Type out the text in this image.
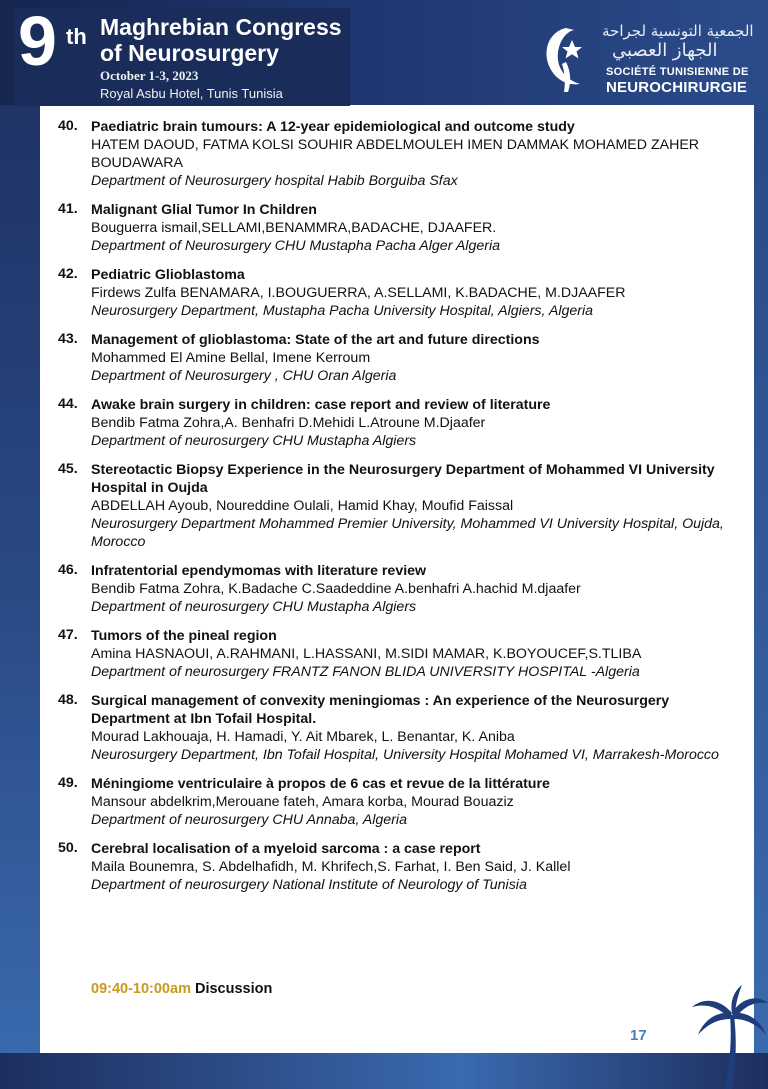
9 th Maghrebian Congress
of Neurosurgery
October 1-3, 2023
Royal Asbu Hotel, Tunis Tunisia
الجمعية التونسية لجراحة
الجهاز العصبي
SOCIÉTÉ TUNISIENNE DE
NEUROCHIRURGIE
40. Paediatric brain tumours: A 12-year epidemiological and outcome study
HATEM DAOUD, FATMA KOLSI SOUHIR ABDELMOULEH IMEN DAMMAK MOHAMED ZAHER BOUDAWARA
Department of Neurosurgery hospital Habib Borguiba Sfax
41. Malignant Glial Tumor In Children
Bouguerra ismail,SELLAMI,BENAMMRA,BADACHE, DJAAFER.
Department of Neurosurgery CHU Mustapha Pacha Alger Algeria
42. Pediatric Glioblastoma
Firdews Zulfa BENAMARA, I.BOUGUERRA, A.SELLAMI, K.BADACHE, M.DJAAFER
Neurosurgery Department, Mustapha Pacha University Hospital, Algiers, Algeria
43. Management of glioblastoma: State of the art and future directions
Mohammed El Amine Bellal, Imene Kerroum
Department of Neurosurgery , CHU Oran Algeria
44. Awake brain surgery in children: case report and review of literature
Bendib Fatma Zohra,A. Benhafri D.Mehidi L.Atroune M.Djaafer
Department of neurosurgery CHU Mustapha Algiers
45. Stereotactic Biopsy Experience in the Neurosurgery Department of Mohammed VI University Hospital in Oujda
ABDELLAH Ayoub, Noureddine Oulali, Hamid Khay, Moufid Faissal
Neurosurgery Department Mohammed Premier University, Mohammed VI University Hospital, Oujda, Morocco
46. Infratentorial ependymomas with literature review
Bendib Fatma Zohra, K.Badache C.Saadeddine A.benhafri A.hachid M.djaafer
Department of neurosurgery CHU Mustapha Algiers
47. Tumors of the pineal region
Amina HASNAOUI, A.RAHMANI, L.HASSANI, M.SIDI MAMAR, K.BOYOUCEF,S.TLIBA
Department of neurosurgery FRANTZ FANON BLIDA UNIVERSITY HOSPITAL -Algeria
48. Surgical management of convexity meningiomas : An experience of the Neurosurgery Department at Ibn Tofail Hospital.
Mourad Lakhouaja, H. Hamadi, Y. Ait Mbarek, L. Benantar, K. Aniba
Neurosurgery Department, Ibn Tofail Hospital, University Hospital Mohamed VI, Marrakesh-Morocco
49. Méningiome ventriculaire à propos de 6 cas et revue de la littérature
Mansour abdelkrim,Merouane fateh, Amara korba, Mourad Bouaziz
Department of neurosurgery CHU Annaba, Algeria
50. Cerebral localisation of a myeloid sarcoma : a case report
Maila Bounemra, S. Abdelhafidh, M. Khrifech,S. Farhat, I. Ben Said, J. Kallel
Department of neurosurgery National Institute of Neurology of Tunisia
09:40-10:00am Discussion
17
